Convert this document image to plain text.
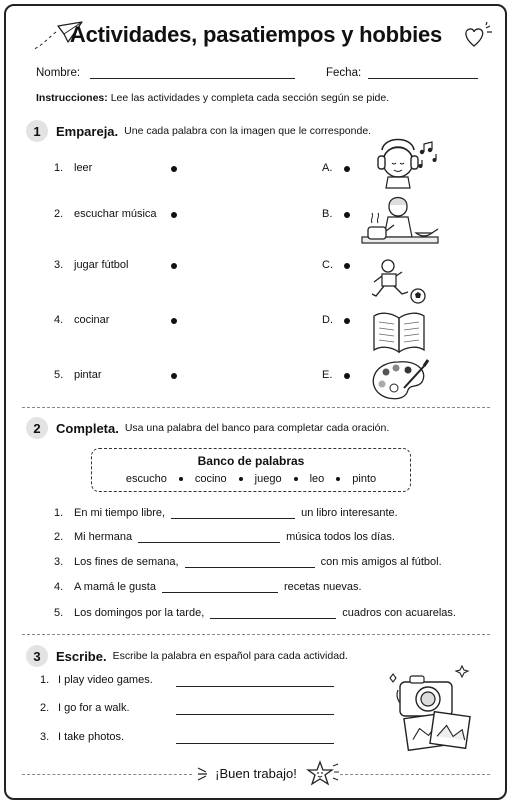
Actividades, pasatiempos y hobbies
Nombre:	Fecha:
Instrucciones: Lee las actividades y completa cada sección según se pide.
1	Empareja. Une cada palabra con la imagen que le corresponde.
1. leer
2. escuchar música
3. jugar fútbol
4. cocinar
5. pintar
A.
B.
C.
D.
E.
2	Completa. Usa una palabra del banco para completar cada oración.
Banco de palabras
escucho	cocino	juego	leo	pinto
1. En mi tiempo libre,	un libro interesante.
2. Mi hermana	música todos los días.
3. Los fines de semana,	con mis amigos al fútbol.
4. A mamá le gusta	recetas nuevas.
5. Los domingos por la tarde,	cuadros con acuarelas.
3	Escribe. Escribe la palabra en español para cada actividad.
1. I play video games.
2. I go for a walk.
3. I take photos.
¡Buen trabajo!
